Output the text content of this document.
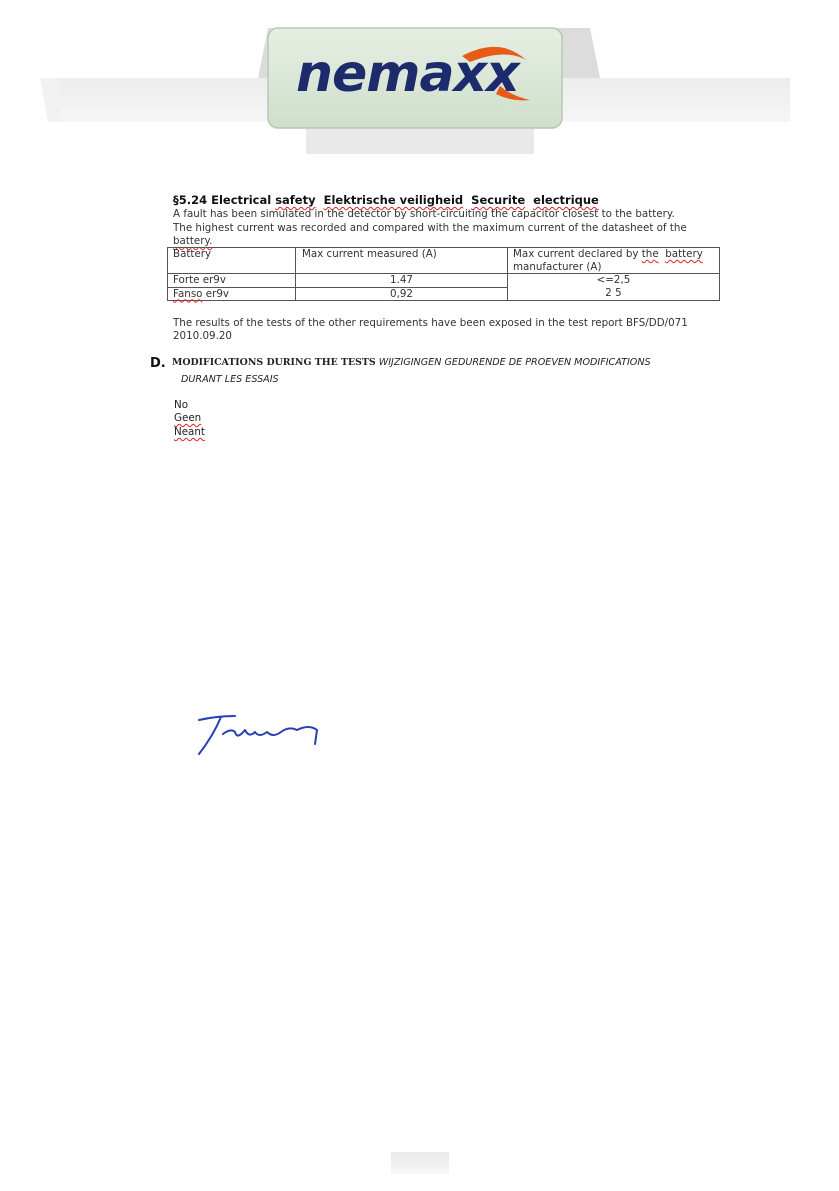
nemaxx
§5.24 Electrical safety Elektrische veiligheid Securite electrique
A fault has been simulated in the detector by short-circuiting the capacitor closest to the battery.
The highest current was recorded and compared with the maximum current of the datasheet of the
battery.
Battery	Max current measured (A)	Max current declared by the battery
manufacturer (A)
Forte er9v	1.47	<=2,5
Fanso er9v	0,92	2 5
The results of the tests of the other requirements have been exposed in the test report BFS/DD/071
2010.09.20
D. MODIFICATIONS DURING THE TESTS WIJZIGINGEN GEDURENDE DE PROEVEN MODIFICATIONS
DURANT LES ESSAIS
No
Geen
Neant
